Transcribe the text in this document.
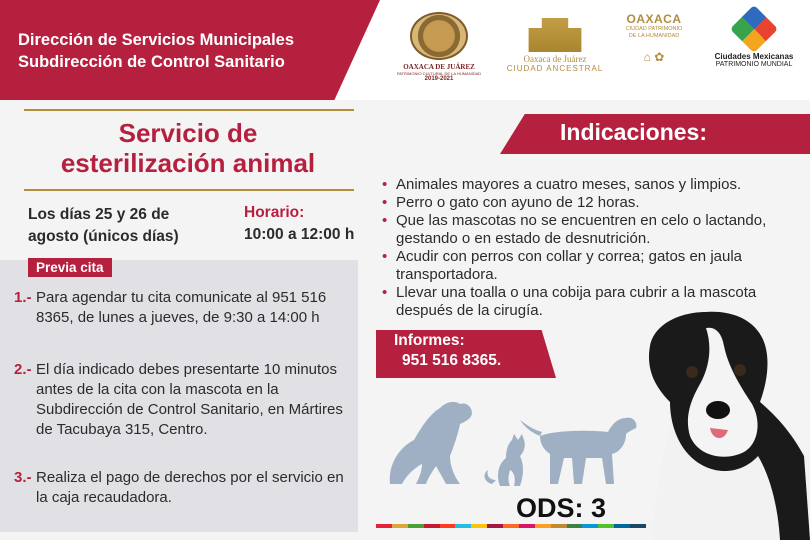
Dirección de Servicios Municipales
Subdirección de Control Sanitario	OAXACA DE JUÁREZ
PATRIMONIO CULTURAL DE LA HUMANIDAD
2019-2021
Oaxaca de Juárez
CIUDAD ANCESTRAL
OAXACA
CIUDAD PATRIMONIO
DE LA HUMANIDAD
⌂ ✿	Ciudades Mexicanas
PATRIMONIO MUNDIAL
Servicio de
esterilización animal
Los días 25 y 26 de
agosto (únicos días)
Horario:
10:00 a 12:00 h
Previa cita
1.- Para agendar tu cita comunicate al 951 516 8365, de lunes a jueves, de 9:30 a 14:00 h
2.- El día indicado debes presentarte 10 minutos antes de la cita con la mascota en la Subdirección de Control Sanitario, en Mártires de Tacubaya 315, Centro.
3.- Realiza el pago de derechos por el servicio en la caja recaudadora.
Indicaciones:
• Animales mayores a cuatro meses, sanos y limpios.
• Perro o gato con ayuno de 12 horas.
• Que las mascotas no se encuentren en celo o lactando, gestando o en estado de desnutrición.
• Acudir con perros con collar y correa; gatos en jaula transportadora.
• Llevar una toalla o una cobija para cubrir a la mascota después de la cirugía.
Informes:
951 516 8365.
ODS: 3
